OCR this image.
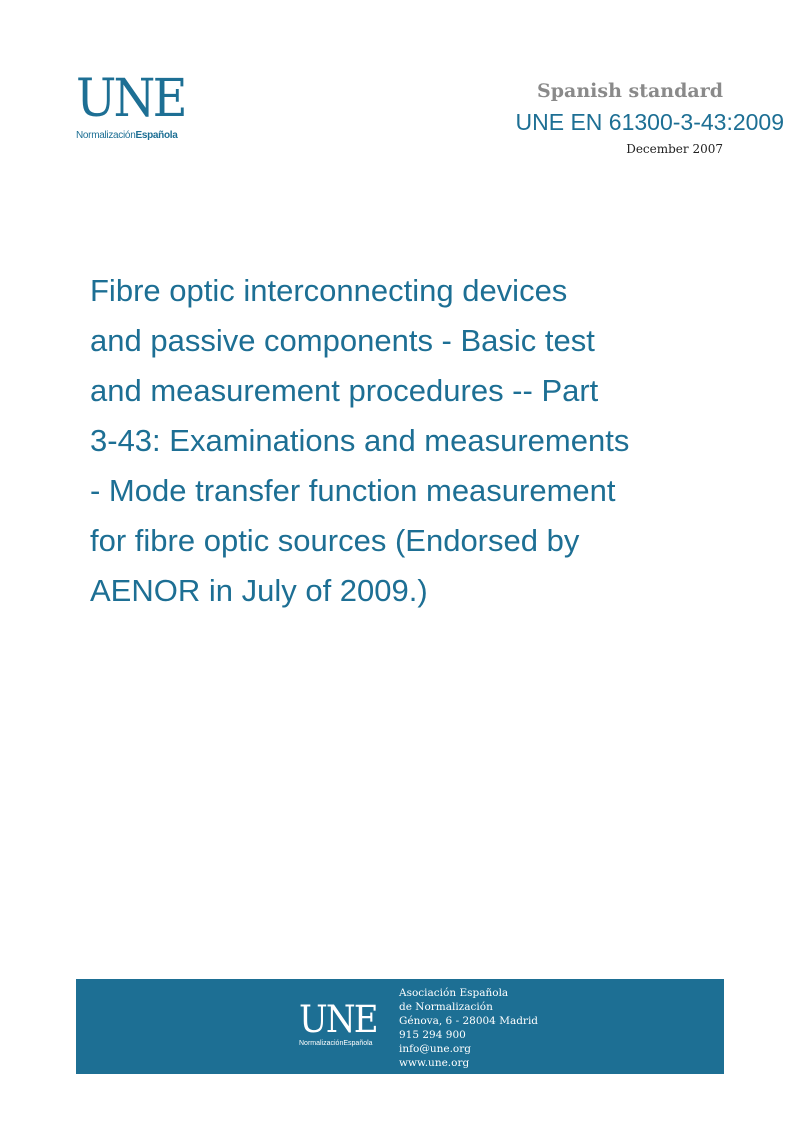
UNE
NormalizaciónEspañola
Spanish standard
UNE EN 61300-3-43:2009
December 2007
Fibre optic interconnecting devices
and passive components - Basic test
and measurement procedures -- Part
3-43: Examinations and measurements
- Mode transfer function measurement
for fibre optic sources (Endorsed by
AENOR in July of 2009.)
UNE
NormalizaciónEspañola
Asociación Española
de Normalización
Génova, 6 - 28004 Madrid
915 294 900
info@une.org
www.une.org
